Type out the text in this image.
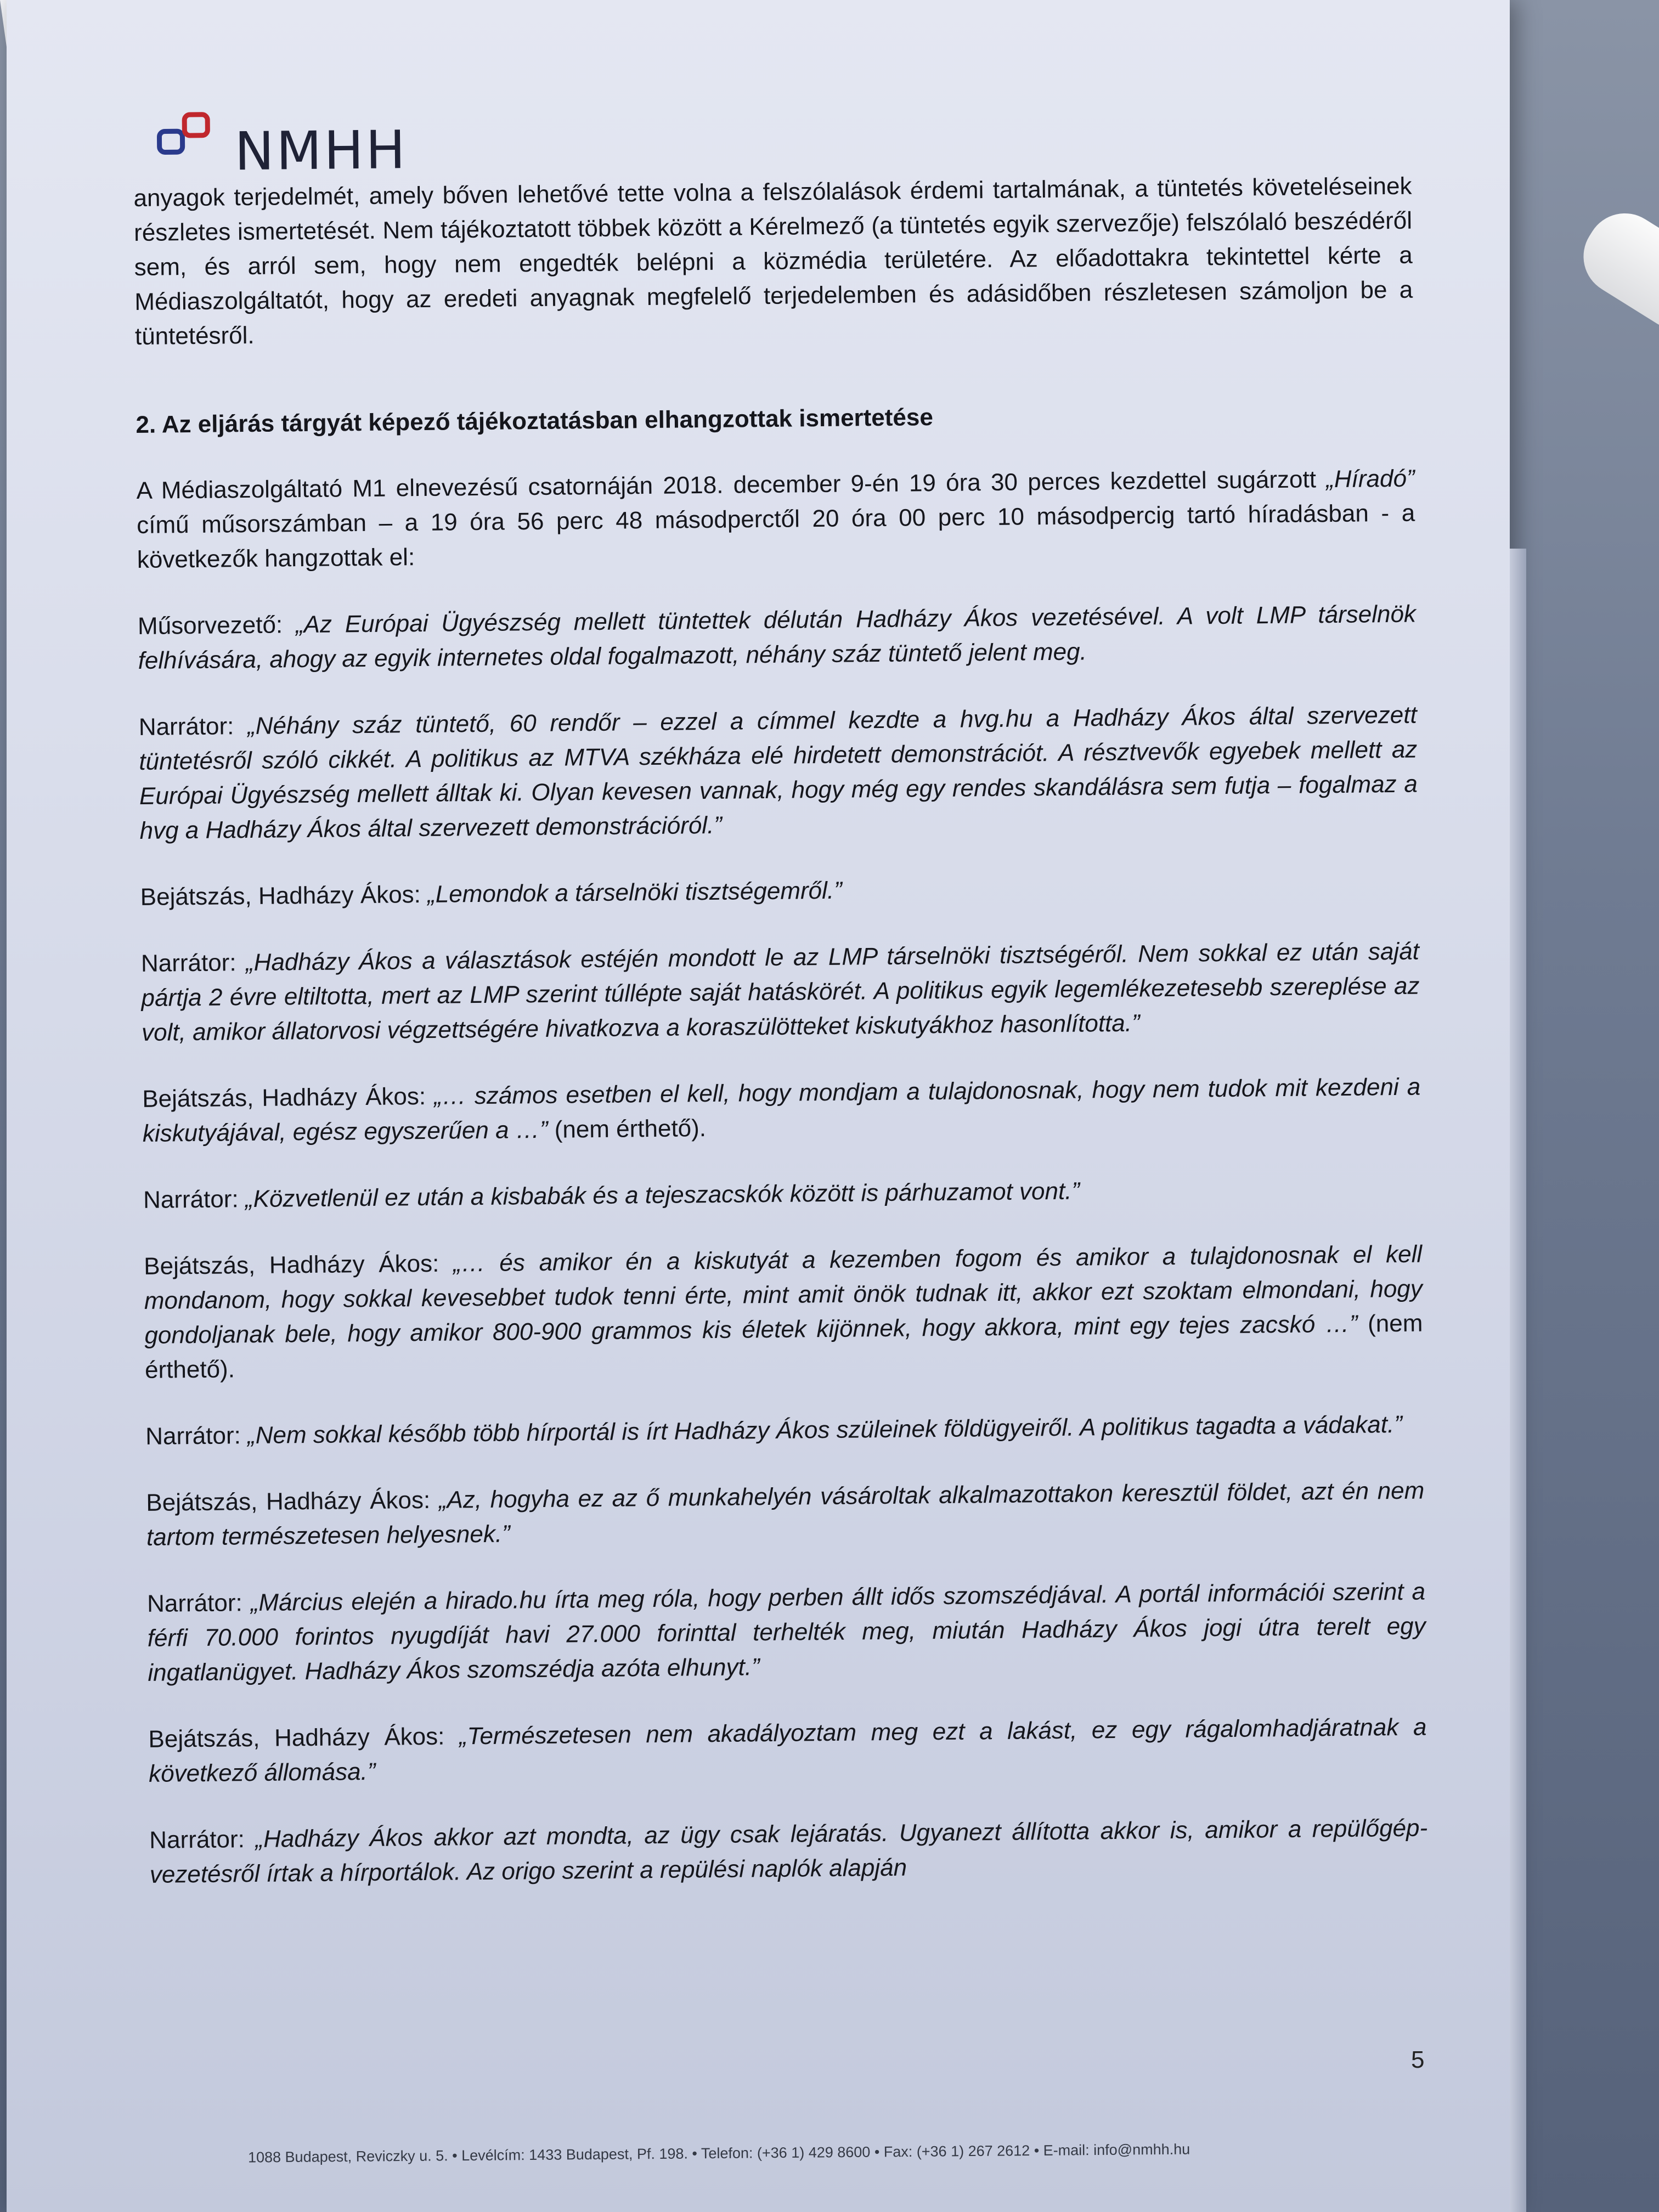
NMHH

anyagok terjedelmét, amely bőven lehetővé tette volna a felszólalások érdemi tartalmának, a tüntetés követeléseinek részletes ismertetését. Nem tájékoztatott többek között a Kérelmező (a tüntetés egyik szervezője) felszólaló beszédéről sem, és arról sem, hogy nem engedték belépni a közmédia területére. Az előadottakra tekintettel kérte a Médiaszolgáltatót, hogy az eredeti anyagnak megfelelő terjedelemben és adásidőben részletesen számoljon be a tüntetésről.

2. Az eljárás tárgyát képező tájékoztatásban elhangzottak ismertetése

A Médiaszolgáltató M1 elnevezésű csatornáján 2018. december 9-én 19 óra 30 perces kezdettel sugárzott „Híradó” című műsorszámban – a 19 óra 56 perc 48 másodperctől 20 óra 00 perc 10 másodpercig tartó híradásban - a következők hangzottak el:

Műsorvezető: „Az Európai Ügyészség mellett tüntettek délután Hadházy Ákos vezetésével. A volt LMP társelnök felhívására, ahogy az egyik internetes oldal fogalmazott, néhány száz tüntető jelent meg.

Narrátor: „Néhány száz tüntető, 60 rendőr – ezzel a címmel kezdte a hvg.hu a Hadházy Ákos által szervezett tüntetésről szóló cikkét. A politikus az MTVA székháza elé hirdetett demonstrációt. A résztvevők egyebek mellett az Európai Ügyészség mellett álltak ki. Olyan kevesen vannak, hogy még egy rendes skandálásra sem futja – fogalmaz a hvg a Hadházy Ákos által szervezett demonstrációról.”

Bejátszás, Hadházy Ákos: „Lemondok a társelnöki tisztségemről.”

Narrátor: „Hadházy Ákos a választások estéjén mondott le az LMP társelnöki tisztségéről. Nem sokkal ez után saját pártja 2 évre eltiltotta, mert az LMP szerint túllépte saját hatáskörét. A politikus egyik legemlékezetesebb szereplése az volt, amikor állatorvosi végzettségére hivatkozva a koraszülötteket kiskutyákhoz hasonlította.”

Bejátszás, Hadházy Ákos: „… számos esetben el kell, hogy mondjam a tulajdonosnak, hogy nem tudok mit kezdeni a kiskutyájával, egész egyszerűen a …” (nem érthető).

Narrátor: „Közvetlenül ez után a kisbabák és a tejeszacskók között is párhuzamot vont.”

Bejátszás, Hadházy Ákos: „… és amikor én a kiskutyát a kezemben fogom és amikor a tulajdonosnak el kell mondanom, hogy sokkal kevesebbet tudok tenni érte, mint amit önök tudnak itt, akkor ezt szoktam elmondani, hogy gondoljanak bele, hogy amikor 800-900 grammos kis életek kijönnek, hogy akkora, mint egy tejes zacskó …” (nem érthető).

Narrátor: „Nem sokkal később több hírportál is írt Hadházy Ákos szüleinek földügyeiről. A politikus tagadta a vádakat.”

Bejátszás, Hadházy Ákos: „Az, hogyha ez az ő munkahelyén vásároltak alkalmazottakon keresztül földet, azt én nem tartom természetesen helyesnek.”

Narrátor: „Március elején a hirado.hu írta meg róla, hogy perben állt idős szomszédjával. A portál információi szerint a férfi 70.000 forintos nyugdíját havi 27.000 forinttal terhelték meg, miután Hadházy Ákos jogi útra terelt egy ingatlanügyet. Hadházy Ákos szomszédja azóta elhunyt.”

Bejátszás, Hadházy Ákos: „Természetesen nem akadályoztam meg ezt a lakást, ez egy rágalomhadjáratnak a következő állomása.”

Narrátor: „Hadházy Ákos akkor azt mondta, az ügy csak lejáratás. Ugyanezt állította akkor is, amikor a repülőgép-vezetésről írtak a hírportálok. Az origo szerint a repülési naplók alapján

5
1088 Budapest, Reviczky u. 5. • Levélcím: 1433 Budapest, Pf. 198. • Telefon: (+36 1) 429 8600 • Fax: (+36 1) 267 2612 • E-mail: info@nmhh.hu
